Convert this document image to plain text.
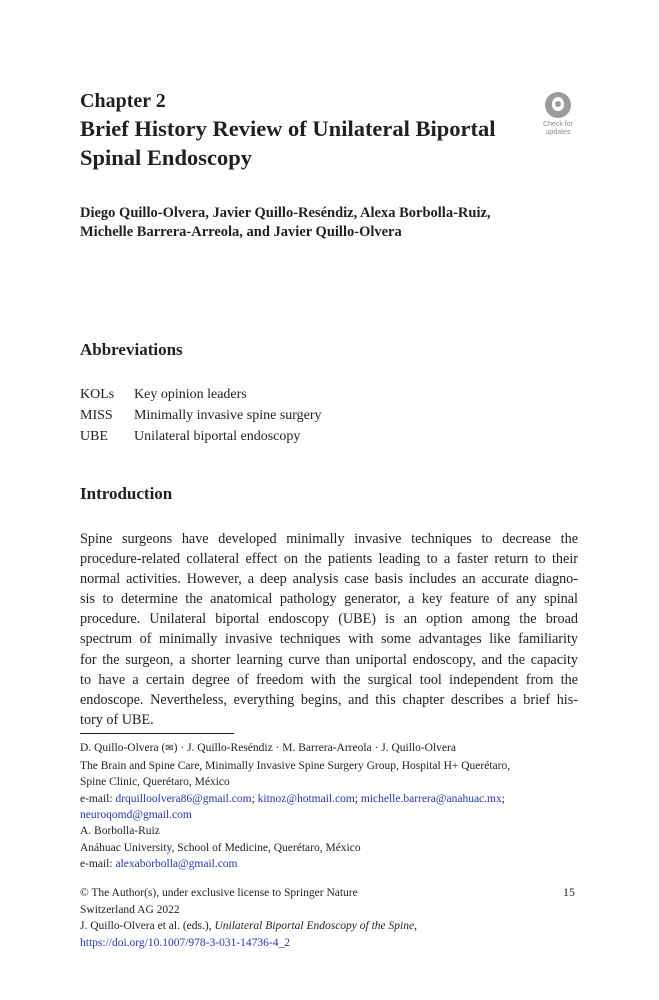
Chapter 2
Brief History Review of Unilateral Biportal
Spinal Endoscopy
Check for
updates
Diego Quillo-Olvera, Javier Quillo-Reséndiz, Alexa Borbolla-Ruiz,
Michelle Barrera-Arreola, and Javier Quillo-Olvera
Abbreviations
KOLs	Key opinion leaders
MISS	Minimally invasive spine surgery
UBE	Unilateral biportal endoscopy
Introduction
Spine surgeons have developed minimally invasive techniques to decrease the
procedure-related collateral effect on the patients leading to a faster return to their
normal activities. However, a deep analysis case basis includes an accurate diagno-
sis to determine the anatomical pathology generator, a key feature of any spinal
procedure. Unilateral biportal endoscopy (UBE) is an option among the broad
spectrum of minimally invasive techniques with some advantages like familiarity
for the surgeon, a shorter learning curve than uniportal endoscopy, and the capacity
to have a certain degree of freedom with the surgical tool independent from the
endoscope. Nevertheless, everything begins, and this chapter describes a brief his-
tory of UBE.
D. Quillo-Olvera (✉) · J. Quillo-Reséndiz · M. Barrera-Arreola · J. Quillo-Olvera
The Brain and Spine Care, Minimally Invasive Spine Surgery Group, Hospital H+ Querétaro,
Spine Clinic, Querétaro, México
e-mail: drquilloolvera86@gmail.com; kitnoz@hotmail.com; michelle.barrera@anahuac.mx;
neuroqomd@gmail.com
A. Borbolla-Ruiz
Anáhuac University, School of Medicine, Querétaro, México
e-mail: alexaborbolla@gmail.com
© The Author(s), under exclusive license to Springer Nature
Switzerland AG 2022
J. Quillo-Olvera et al. (eds.), Unilateral Biportal Endoscopy of the Spine,
https://doi.org/10.1007/978-3-031-14736-4_2
15
